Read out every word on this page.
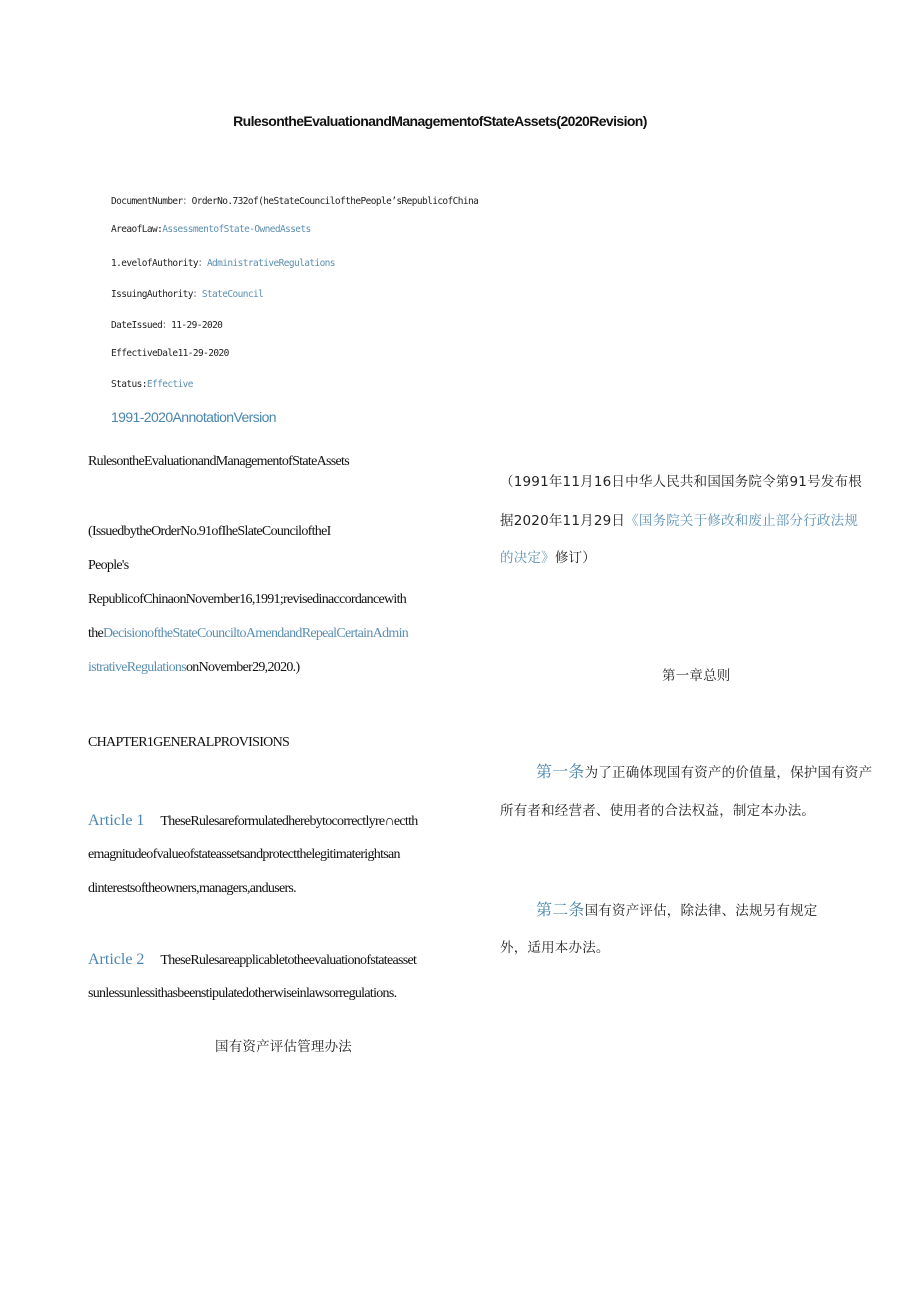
RulesontheEvaluationandManagementofStateAssets(2020Revision)
DocumentNumber：OrderNo.732of(heStateCouncilofthePeople’sRepublicofChina
AreaofLaw:AssessmentofState-OwnedAssets
1.evelofAuthority：AdministrativeRegulations
IssuingAuthority：StateCouncil
DateIssued：11-29-2020
EffectiveDale11-29-2020
Status:Effective
1991-2020AnnotationVersion
RulesontheEvaluationandManagementofStateAssets
(IssuedbytheOrderNo.91ofIheSlateCounciloftheI
People's
RepublicofChinaonNovember16,1991;revisedinaccordancewith
theDecisionoftheStateCounciltoAmendandRepealCertainAdmin
istrativeRegulationsonNovember29,2020.)
CHAPTER1GENERALPROVISIONS
Article 1 TheseRulesareformulatedherebytocorrectlyre∩ectth
emagnitudeofvalueofstateassetsandprotectthelegitimaterightsan
dinterestsoftheowners,managers,andusers.
Article 2 TheseRulesareapplicabletotheevaluationofstateasset
sunlessunlessithasbeenstipulatedotherwiseinlawsorregulations.
国有资产评估管理办法
（1991年11月16日中华人民共和国国务院令第91号发布根
据2020年11月29日《国务院关于修改和废止部分行政法规
的决定》修订）
第一章总则
第一条为了正确体现国有资产的价值量，保护国有资产
所有者和经营者、使用者的合法权益，制定本办法。
第二条国有资产评估，除法律、法规另有规定
外，适用本办法。
